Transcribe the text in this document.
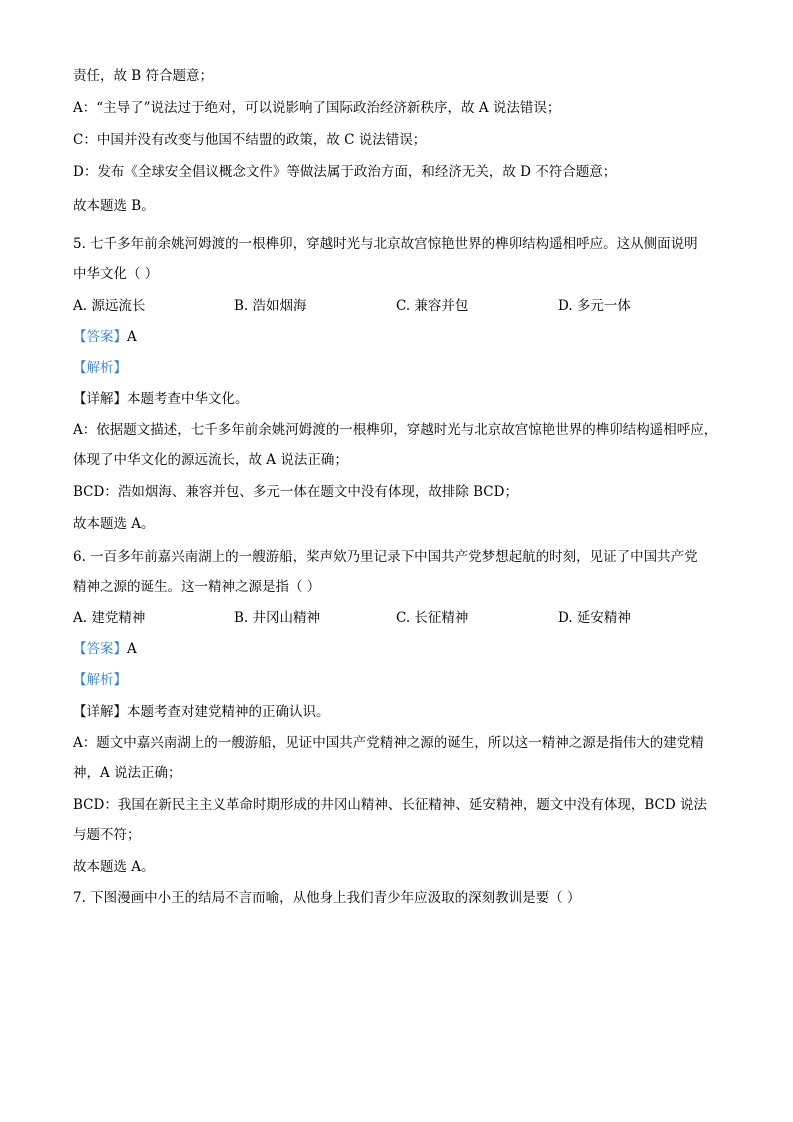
责任，故 B 符合题意；
A：“主导了”说法过于绝对，可以说影响了国际政治经济新秩序，故 A 说法错误；
C：中国并没有改变与他国不结盟的政策，故 C 说法错误；
D：发布《全球安全倡议概念文件》等做法属于政治方面，和经济无关，故 D 不符合题意；
故本题选 B。
5. 七千多年前余姚河姆渡的一根榫卯，穿越时光与北京故宫惊艳世界的榫卯结构遥相呼应。这从侧面说明
中华文化（ ）
A. 源远流长	B. 浩如烟海	C. 兼容并包	D. 多元一体
【答案】A
【解析】
【详解】本题考查中华文化。
A：依据题文描述，七千多年前余姚河姆渡的一根榫卯，穿越时光与北京故宫惊艳世界的榫卯结构遥相呼应，
体现了中华文化的源远流长，故 A 说法正确；
BCD：浩如烟海、兼容并包、多元一体在题文中没有体现，故排除 BCD；
故本题选 A。
6. 一百多年前嘉兴南湖上的一艘游船，桨声欸乃里记录下中国共产党梦想起航的时刻，见证了中国共产党
精神之源的诞生。这一精神之源是指（ ）
A. 建党精神	B. 井冈山精神	C. 长征精神	D. 延安精神
【答案】A
【解析】
【详解】本题考查对建党精神的正确认识。
A：题文中嘉兴南湖上的一艘游船，见证中国共产党精神之源的诞生，所以这一精神之源是指伟大的建党精
神，A 说法正确；
BCD：我国在新民主主义革命时期形成的井冈山精神、长征精神、延安精神，题文中没有体现，BCD 说法
与题不符；
故本题选 A。
7. 下图漫画中小王的结局不言而喻，从他身上我们青少年应汲取的深刻教训是要（ ）
